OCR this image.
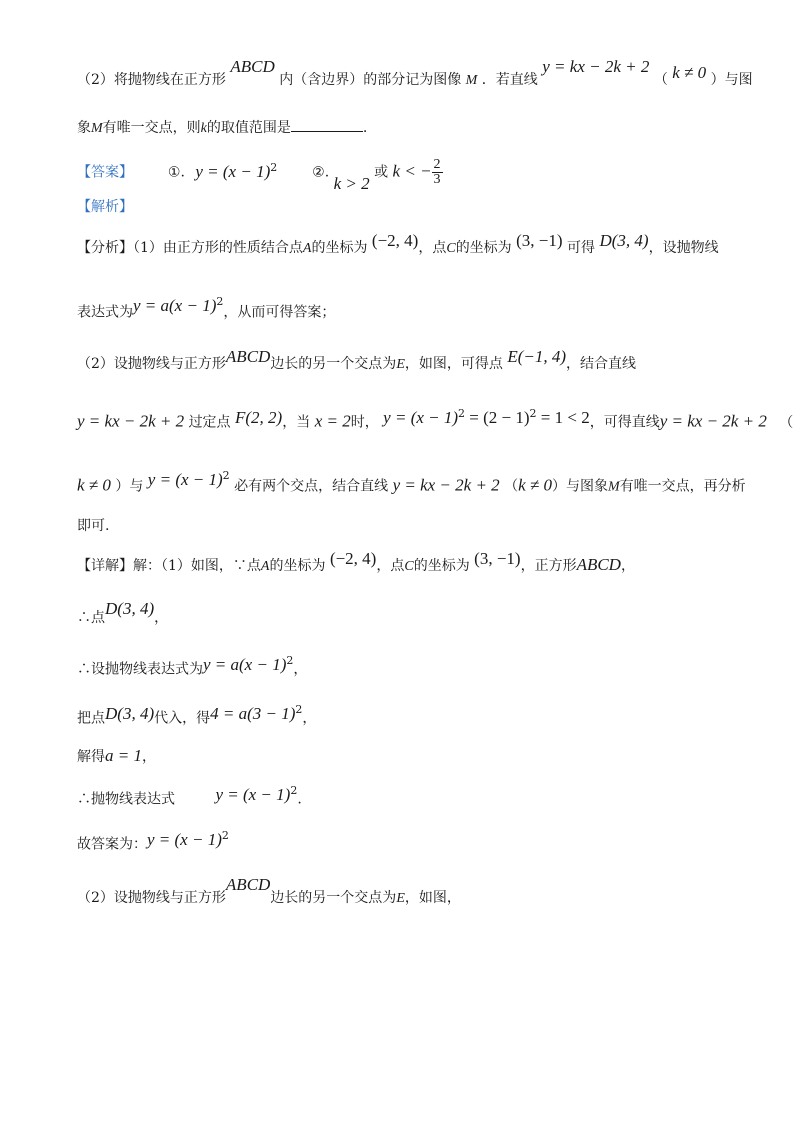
（2）将抛物线在正方形 ABCD 内（含边界）的部分记为图像 M ．若直线 y = kx − 2k + 2 （ k ≠ 0 ）与图
象M有唯一交点，则k的取值范围是	.
【答案】 ①. $y = (x - 1)^2$ ②. k > 2 或 k < − $\frac{2}{3}$
【解析】
【分析】（1）由正方形的性质结合点A的坐标为 (−2, 4)，点C的坐标为 (3, −1) 可得 D(3, 4)，设抛物线
表达式为$y = a(x - 1)^2$，从而可得答案；
（2）设抛物线与正方形ABCD边长的另一个交点为E，如图，可得点 E(−1, 4)，结合直线
y = kx − 2k + 2 过定点 F(2, 2)，当 x = 2时， $y = (x - 1)^2 = (2 - 1)^2 = 1 < 2$，可得直线y = kx − 2k + 2 （
k ≠ 0 ）与 $y = (x - 1)^2$ 必有两个交点，结合直线 y = kx − 2k + 2 （k ≠ 0）与图象M有唯一交点，再分析
即可.
【详解】解：（1）如图，∵点A的坐标为 (−2, 4)，点C的坐标为 (3, −1)，正方形ABCD，
∴点D(3, 4)，
∴设抛物线表达式为$y = a(x - 1)^2$，
把点D(3, 4)代入，得$4 = a(3 - 1)^2$，
解得a = 1，
∴抛物线表达式 $y = (x - 1)^2$.
故答案为：$y = (x - 1)^2$
（2）设抛物线与正方形ABCD边长的另一个交点为E，如图，
